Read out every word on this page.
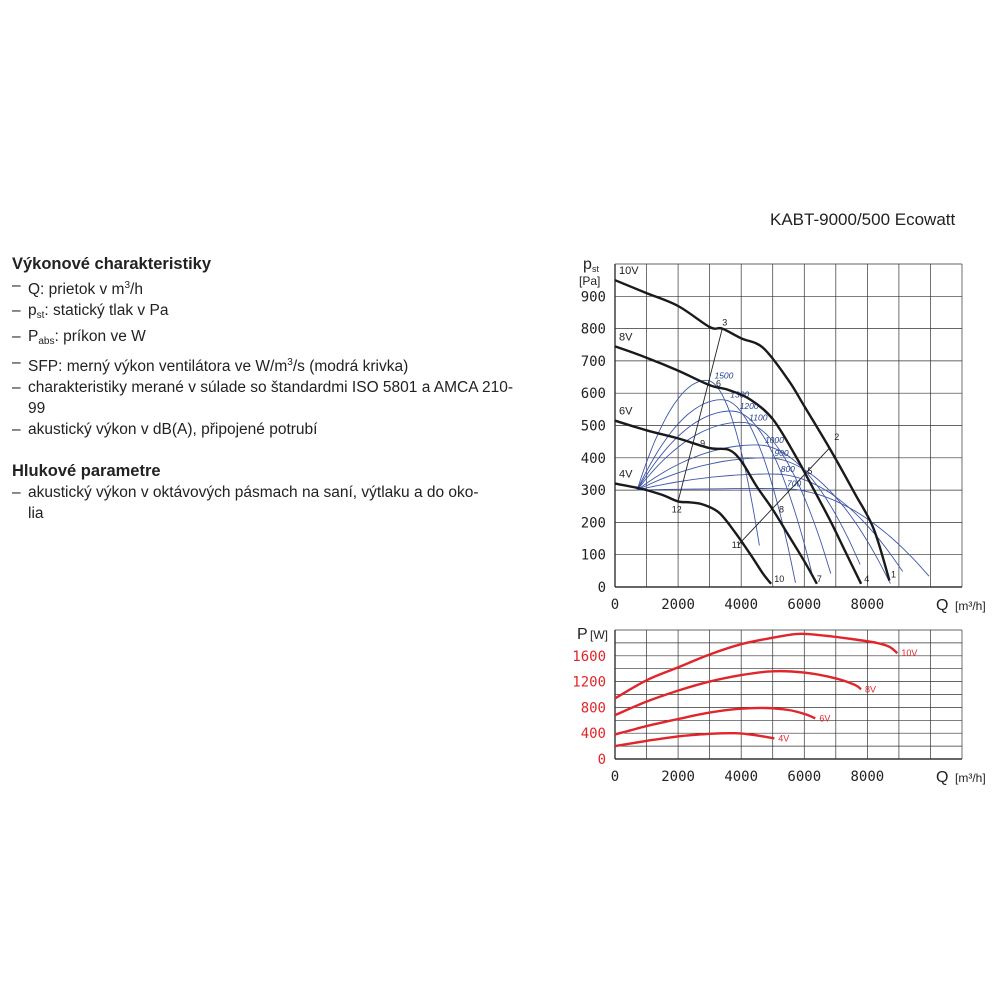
KABT-9000/500 Ecowatt
Výkonové charakteristiky
– Q: prietok v $m^3/h$
– $p_{st}$: statický tlak v Pa
– $P_{abs}$: príkon ve W
– SFP: merný výkon ventilátora ve $W/m^3/s$ (modrá krivka)
– charakteristiky merané v súlade so štandardmi ISO 5801 a AMCA 210-99
– akustický výkon v dB(A), připojené potrubí
Hlukové parametre
– akustický výkon v oktávových pásmach na saní, výtlaku a do oko-
lia
0
100
200
300
400
500
600
700
800
900
0	2000 4000 6000 8000
p st
[Pa]
Q [m³/h]
1500
1300
1200
1100
1000
900
800
700
10V
8V
6V
4V
1
2
3
4
5
6
7
8
9
10
11
12
0
400
800
1200
1600
0	2000 4000 6000 8000
P [W]
Q [m³/h]
10V
8V
6V
4V
